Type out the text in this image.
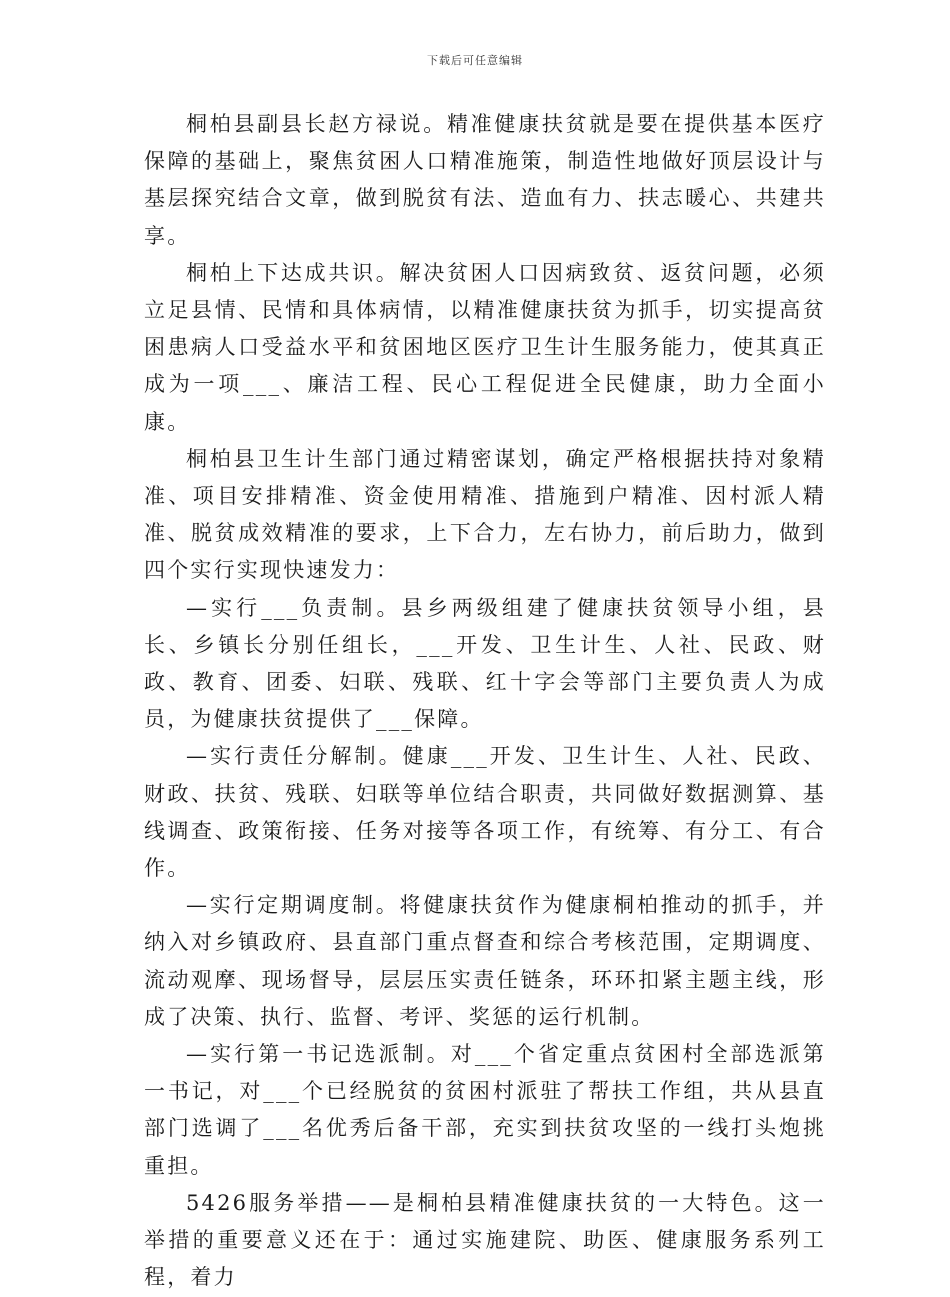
下载后可任意编辑

桐柏县副县长赵方禄说。精准健康扶贫就是要在提供基本医疗保障的基础上，聚焦贫困人口精准施策，制造性地做好顶层设计与基层探究结合文章，做到脱贫有法、造血有力、扶志暖心、共建共享。

桐柏上下达成共识。解决贫困人口因病致贫、返贫问题，必须立足县情、民情和具体病情，以精准健康扶贫为抓手，切实提高贫困患病人口受益水平和贫困地区医疗卫生计生服务能力，使其真正成为一项___、廉洁工程、民心工程促进全民健康，助力全面小康。

桐柏县卫生计生部门通过精密谋划，确定严格根据扶持对象精准、项目安排精准、资金使用精准、措施到户精准、因村派人精准、脱贫成效精准的要求，上下合力，左右协力，前后助力，做到四个实行实现快速发力：

—实行___负责制。县乡两级组建了健康扶贫领导小组，县长、乡镇长分别任组长，___开发、卫生计生、人社、民政、财政、教育、团委、妇联、残联、红十字会等部门主要负责人为成员，为健康扶贫提供了___保障。

—实行责任分解制。健康___开发、卫生计生、人社、民政、财政、扶贫、残联、妇联等单位结合职责，共同做好数据测算、基线调查、政策衔接、任务对接等各项工作，有统筹、有分工、有合作。

—实行定期调度制。将健康扶贫作为健康桐柏推动的抓手，并纳入对乡镇政府、县直部门重点督查和综合考核范围，定期调度、流动观摩、现场督导，层层压实责任链条，环环扣紧主题主线，形成了决策、执行、监督、考评、奖惩的运行机制。

—实行第一书记选派制。对___个省定重点贫困村全部选派第一书记，对___个已经脱贫的贫困村派驻了帮扶工作组，共从县直部门选调了___名优秀后备干部，充实到扶贫攻坚的一线打头炮挑重担。

5426服务举措——是桐柏县精准健康扶贫的一大特色。这一举措的重要意义还在于：通过实施建院、助医、健康服务系列工程，着力
